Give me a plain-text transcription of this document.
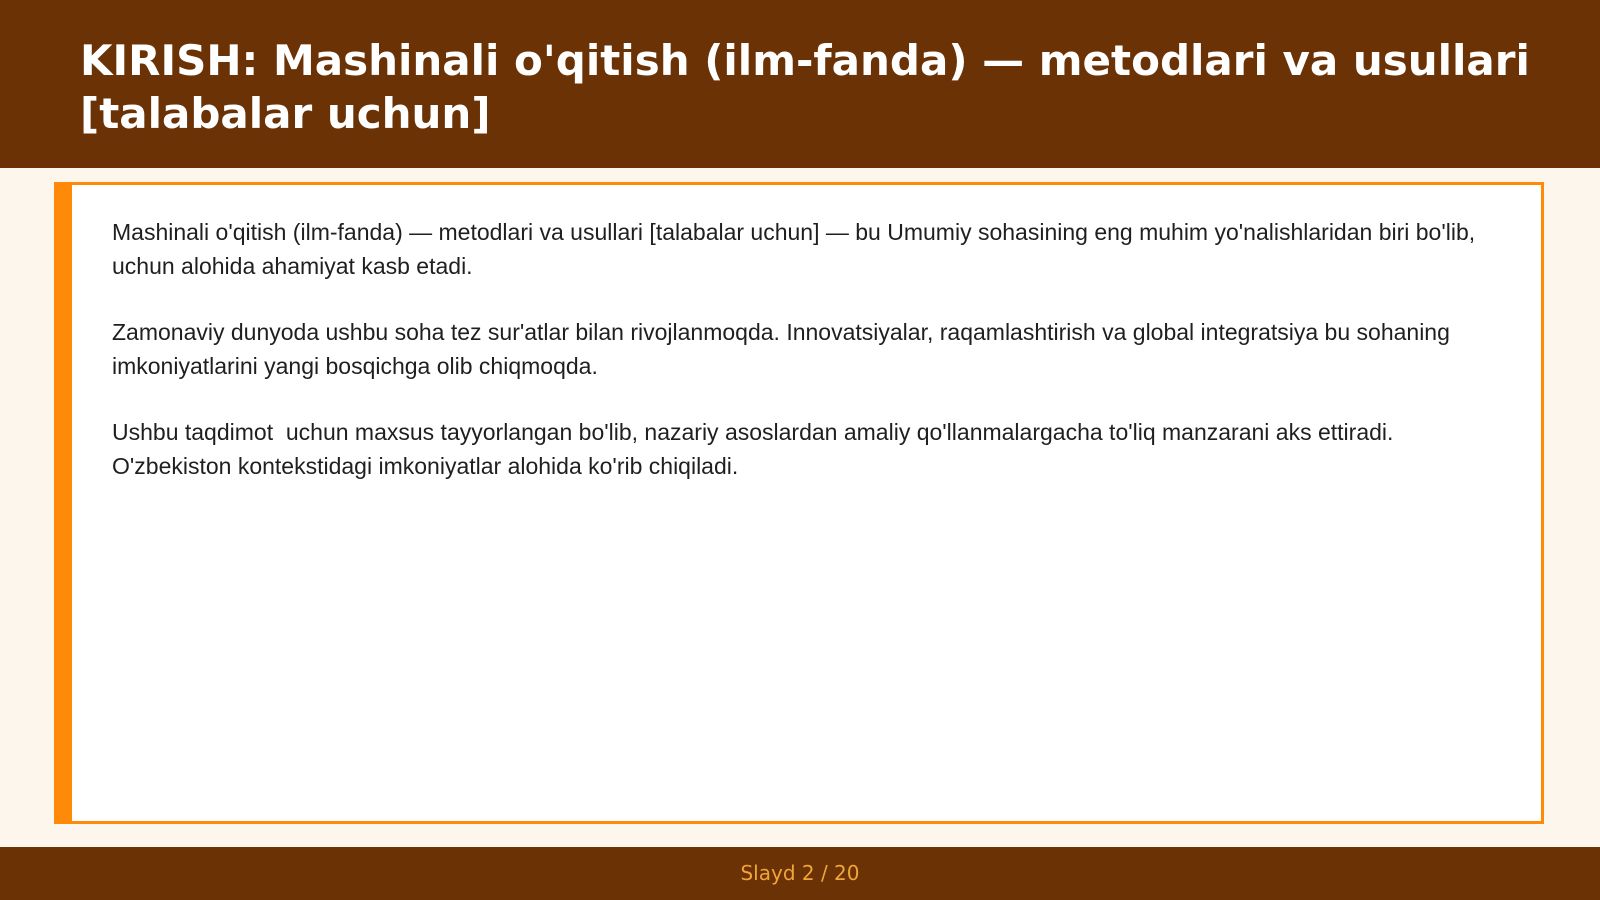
KIRISH: Mashinali o'qitish (ilm-fanda) — metodlari va usullari [talabalar uchun]

Mashinali o'qitish (ilm-fanda) — metodlari va usullari [talabalar uchun] — bu Umumiy sohasining eng muhim yo'nalishlaridan biri bo'lib,  uchun alohida ahamiyat kasb etadi.

Zamonaviy dunyoda ushbu soha tez sur'atlar bilan rivojlanmoqda. Innovatsiyalar, raqamlashtirish va global integratsiya bu sohaning imkoniyatlarini yangi bosqichga olib chiqmoqda.

Ushbu taqdimot  uchun maxsus tayyorlangan bo'lib, nazariy asoslardan amaliy qo'llanmalargacha to'liq manzarani aks ettiradi. O'zbekiston kontekstidagi imkoniyatlar alohida ko'rib chiqiladi.

Slayd 2 / 20
